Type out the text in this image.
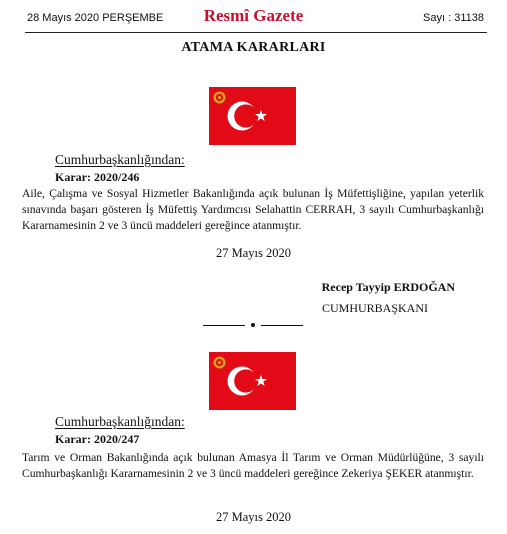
28 Mayıs 2020 PERŞEMBE	Resmî Gazete	Sayı : 31138
ATAMA KARARLARI
Cumhurbaşkanlığından:
Karar: 2020/246
Aile, Çalışma ve Sosyal Hizmetler Bakanlığında açık bulunan İş Müfettişliğine, yapılan yeterlik sınavında başarı gösteren İş Müfettiş Yardımcısı Selahattin CERRAH, 3 sayılı Cumhurbaşkanlığı Kararnamesinin 2 ve 3 üncü maddeleri gereğince atanmıştır.
27 Mayıs 2020
Recep Tayyip ERDOĞAN
CUMHURBAŞKANI
Cumhurbaşkanlığından:
Karar: 2020/247
Tarım ve Orman Bakanlığında açık bulunan Amasya İl Tarım ve Orman Müdürlüğüne, 3 sayılı Cumhurbaşkanlığı Kararnamesinin 2 ve 3 üncü maddeleri gereğince Zekeriya ŞEKER atanmıştır.
27 Mayıs 2020
